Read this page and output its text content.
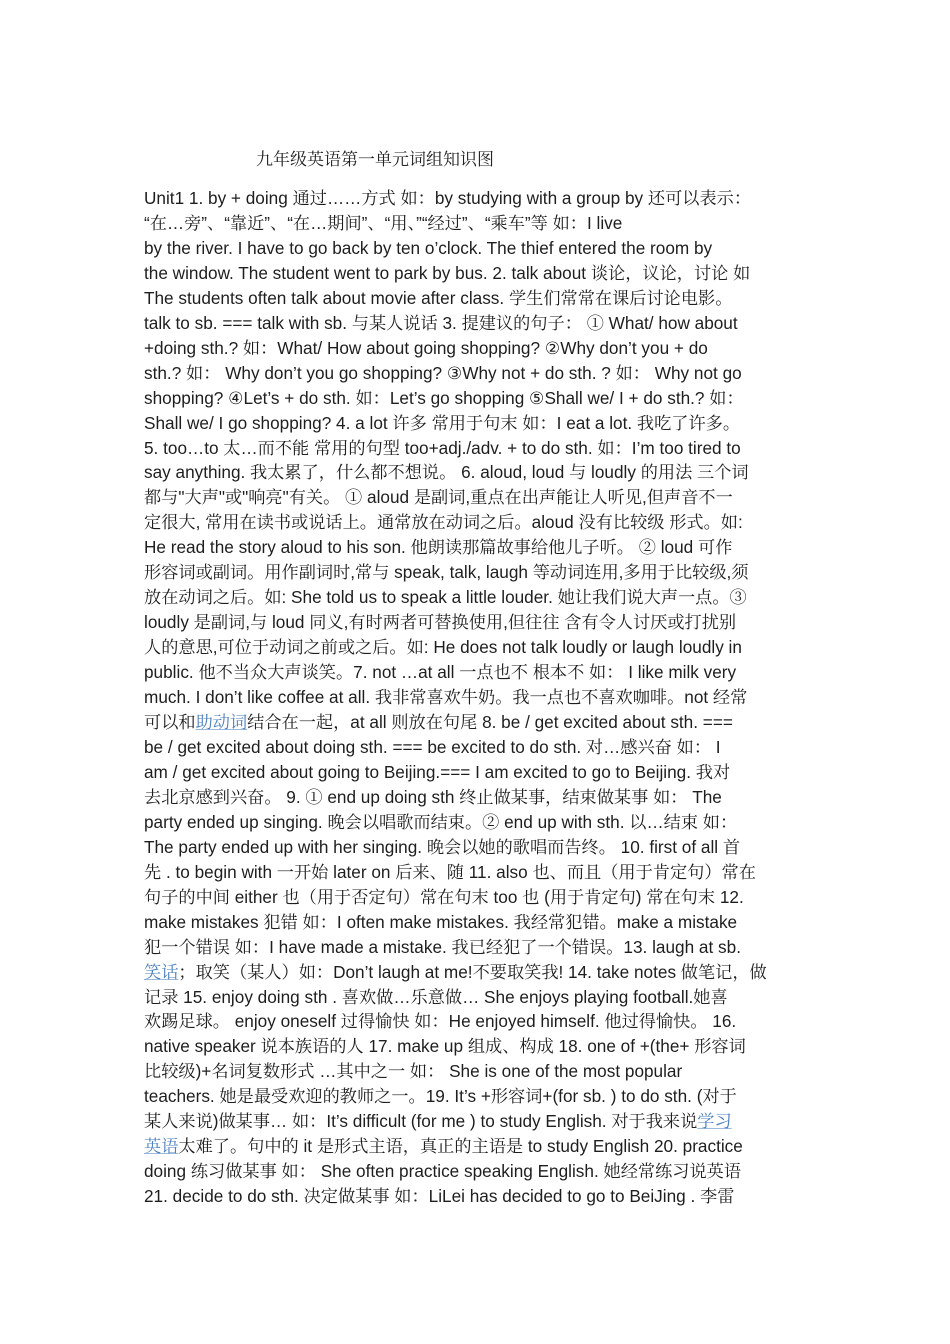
九年级英语第一单元词组知识图
Unit1 1. by + doing 通过……方式 如：by studying with a group by 还可以表示：
“在…旁”、“靠近”、“在…期间”、“用、”“经过”、“乘车”等 如：I live
by the river. I have to go back by ten o’clock. The thief entered the room by
the window. The student went to park by bus. 2. talk about 谈论，议论，讨论 如
The students often talk about movie after class. 学生们常常在课后讨论电影。
talk to sb. === talk with sb. 与某人说话 3. 提建议的句子： ① What/ how about
+doing sth.? 如：What/ How about going shopping? ②Why don’t you + do
sth.? 如： Why don’t you go shopping? ③Why not + do sth. ? 如： Why not go
shopping? ④Let’s + do sth. 如：Let’s go shopping ⑤Shall we/ I + do sth.? 如：
Shall we/ I go shopping? 4. a lot 许多 常用于句末 如：I eat a lot. 我吃了许多。
5. too…to 太…而不能 常用的句型 too+adj./adv. + to do sth. 如：I’m too tired to
say anything. 我太累了，什么都不想说。 6. aloud, loud 与 loudly 的用法 三个词
都与"大声"或"响亮"有关。 ① aloud 是副词,重点在出声能让人听见,但声音不一
定很大, 常用在读书或说话上。通常放在动词之后。aloud 没有比较级 形式。如:
He read the story aloud to his son. 他朗读那篇故事给他儿子听。 ② loud 可作
形容词或副词。用作副词时,常与 speak, talk, laugh 等动词连用,多用于比较级,须
放在动词之后。如: She told us to speak a little louder. 她让我们说大声一点。③
loudly 是副词,与 loud 同义,有时两者可替换使用,但往往 含有令人讨厌或打扰别
人的意思,可位于动词之前或之后。如: He does not talk loudly or laugh loudly in
public. 他不当众大声谈笑。7. not …at all 一点也不 根本不 如： I like milk very
much. I don’t like coffee at all. 我非常喜欢牛奶。我一点也不喜欢咖啡。not 经常
可以和助动词结合在一起，at all 则放在句尾 8. be / get excited about sth. ===
be / get excited about doing sth. === be excited to do sth. 对…感兴奋 如： I
am / get excited about going to Beijing.=== I am excited to go to Beijing. 我对
去北京感到兴奋。 9. ① end up doing sth 终止做某事，结束做某事 如： The
party ended up singing. 晚会以唱歌而结束。② end up with sth. 以…结束 如：
The party ended up with her singing. 晚会以她的歌唱而告终。 10. first of all 首
先 . to begin with 一开始 later on 后来、随 11. also 也、而且（用于肯定句）常在
句子的中间 either 也（用于否定句）常在句末 too 也 (用于肯定句) 常在句末 12.
make mistakes 犯错 如：I often make mistakes. 我经常犯错。make a mistake
犯一个错误 如：I have made a mistake. 我已经犯了一个错误。13. laugh at sb.
笑话；取笑（某人）如：Don’t laugh at me!不要取笑我! 14. take notes 做笔记，做
记录 15. enjoy doing sth . 喜欢做…乐意做… She enjoys playing football.她喜
欢踢足球。 enjoy oneself 过得愉快 如：He enjoyed himself. 他过得愉快。 16.
native speaker 说本族语的人 17. make up 组成、构成 18. one of +(the+ 形容词
比较级)+名词复数形式 …其中之一 如： She is one of the most popular
teachers. 她是最受欢迎的教师之一。19. It’s +形容词+(for sb. ) to do sth. (对于
某人来说)做某事… 如：It’s difficult (for me ) to study English. 对于我来说学习
英语太难了。句中的 it 是形式主语，真正的主语是 to study English 20. practice
doing 练习做某事 如： She often practice speaking English. 她经常练习说英语
21. decide to do sth. 决定做某事 如：LiLei has decided to go to BeiJing . 李雷
